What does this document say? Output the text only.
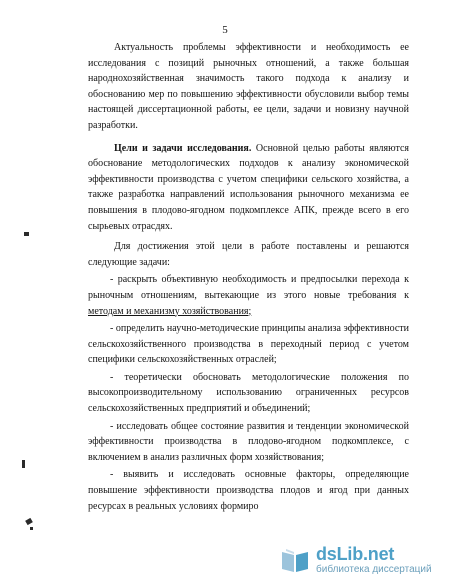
5

Актуальность проблемы эффективности и необходимость ее исследования с позиций рыночных отношений, а также большая народнохозяйственная значимость такого подхода к анализу и обоснованию мер по повышению эффективности обусловили выбор темы настоящей диссертационной работы, ее цели, задачи и новизну научной разработки.

Цели и задачи исследования. Основной целью работы являются обоснование методологических подходов к анализу экономической эффективности производства с учетом специфики сельского хозяйства, а также разработка направлений использования рыночного механизма ее повышения в плодово-ягодном подкомплексе АПК, прежде всего в его сырьевых отрасдях.

Для достижения этой цели в работе поставлены и решаются следующие задачи:

- раскрыть объективную необходимость и предпосылки перехода к рыночным отношениям, вытекающие из этого новые требования к методам и механизму хозяйствования;

- определить научно-методические принципы анализа эффективности сельскохозяйственного производства в переходный период с учетом специфики сельскохозяйственных отраслей;

- теоретически обосновать методологические положения по высокопроизводительному использованию ограниченных ресурсов сельскохозяйственных предприятий и объединений;

- исследовать общее состояние развития и тенденции экономической эффективности производства в плодово-ягодном подкомплексе, с включением в анализ различных форм хозяйствования;

- выявить и исследовать основные факторы, определяющие повышение эффективности производства плодов и ягод при данных ресурсах в реальных условиях формиро

dsLib.net
библиотека диссертаций
